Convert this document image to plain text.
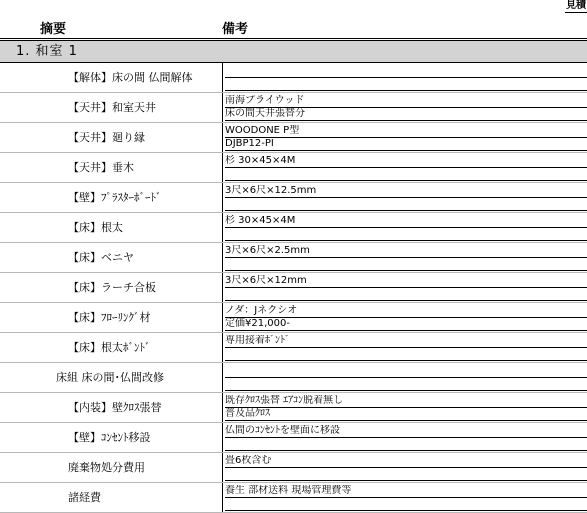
見積
摘要	備考
1. 和室 1
【解体】床の間 仏間解体
【天井】和室天井
南海プライウッド
床の間天井張替分
【天井】廻り縁
WOODONE P型
DJBP12-PI
【天井】垂木
杉 30×45×4M
【壁】ﾌﾟﾗｽﾀｰﾎﾞｰﾄﾞ
3尺×6尺×12.5mm
【床】根太
杉 30×45×4M
【床】ベニヤ
3尺×6尺×2.5mm
【床】ラーチ合板
3尺×6尺×12mm
【床】ﾌﾛｰﾘﾝｸﾞ材
ノダ：Jネクシオ
定価¥21,000-
【床】根太ﾎﾞﾝﾄﾞ
専用接着ﾎﾞﾝﾄﾞ
床組 床の間･仏間改修
【内装】壁ｸﾛｽ張替
既存ｸﾛｽ張替 ｴｱｺﾝ脱着無し
普及品ｸﾛｽ
【壁】ｺﾝｾﾝﾄ移設
仏間のｺﾝｾﾝﾄを壁面に移設
廃棄物処分費用
畳6枚含む
諸経費
養生 部材送料 現場管理費等
